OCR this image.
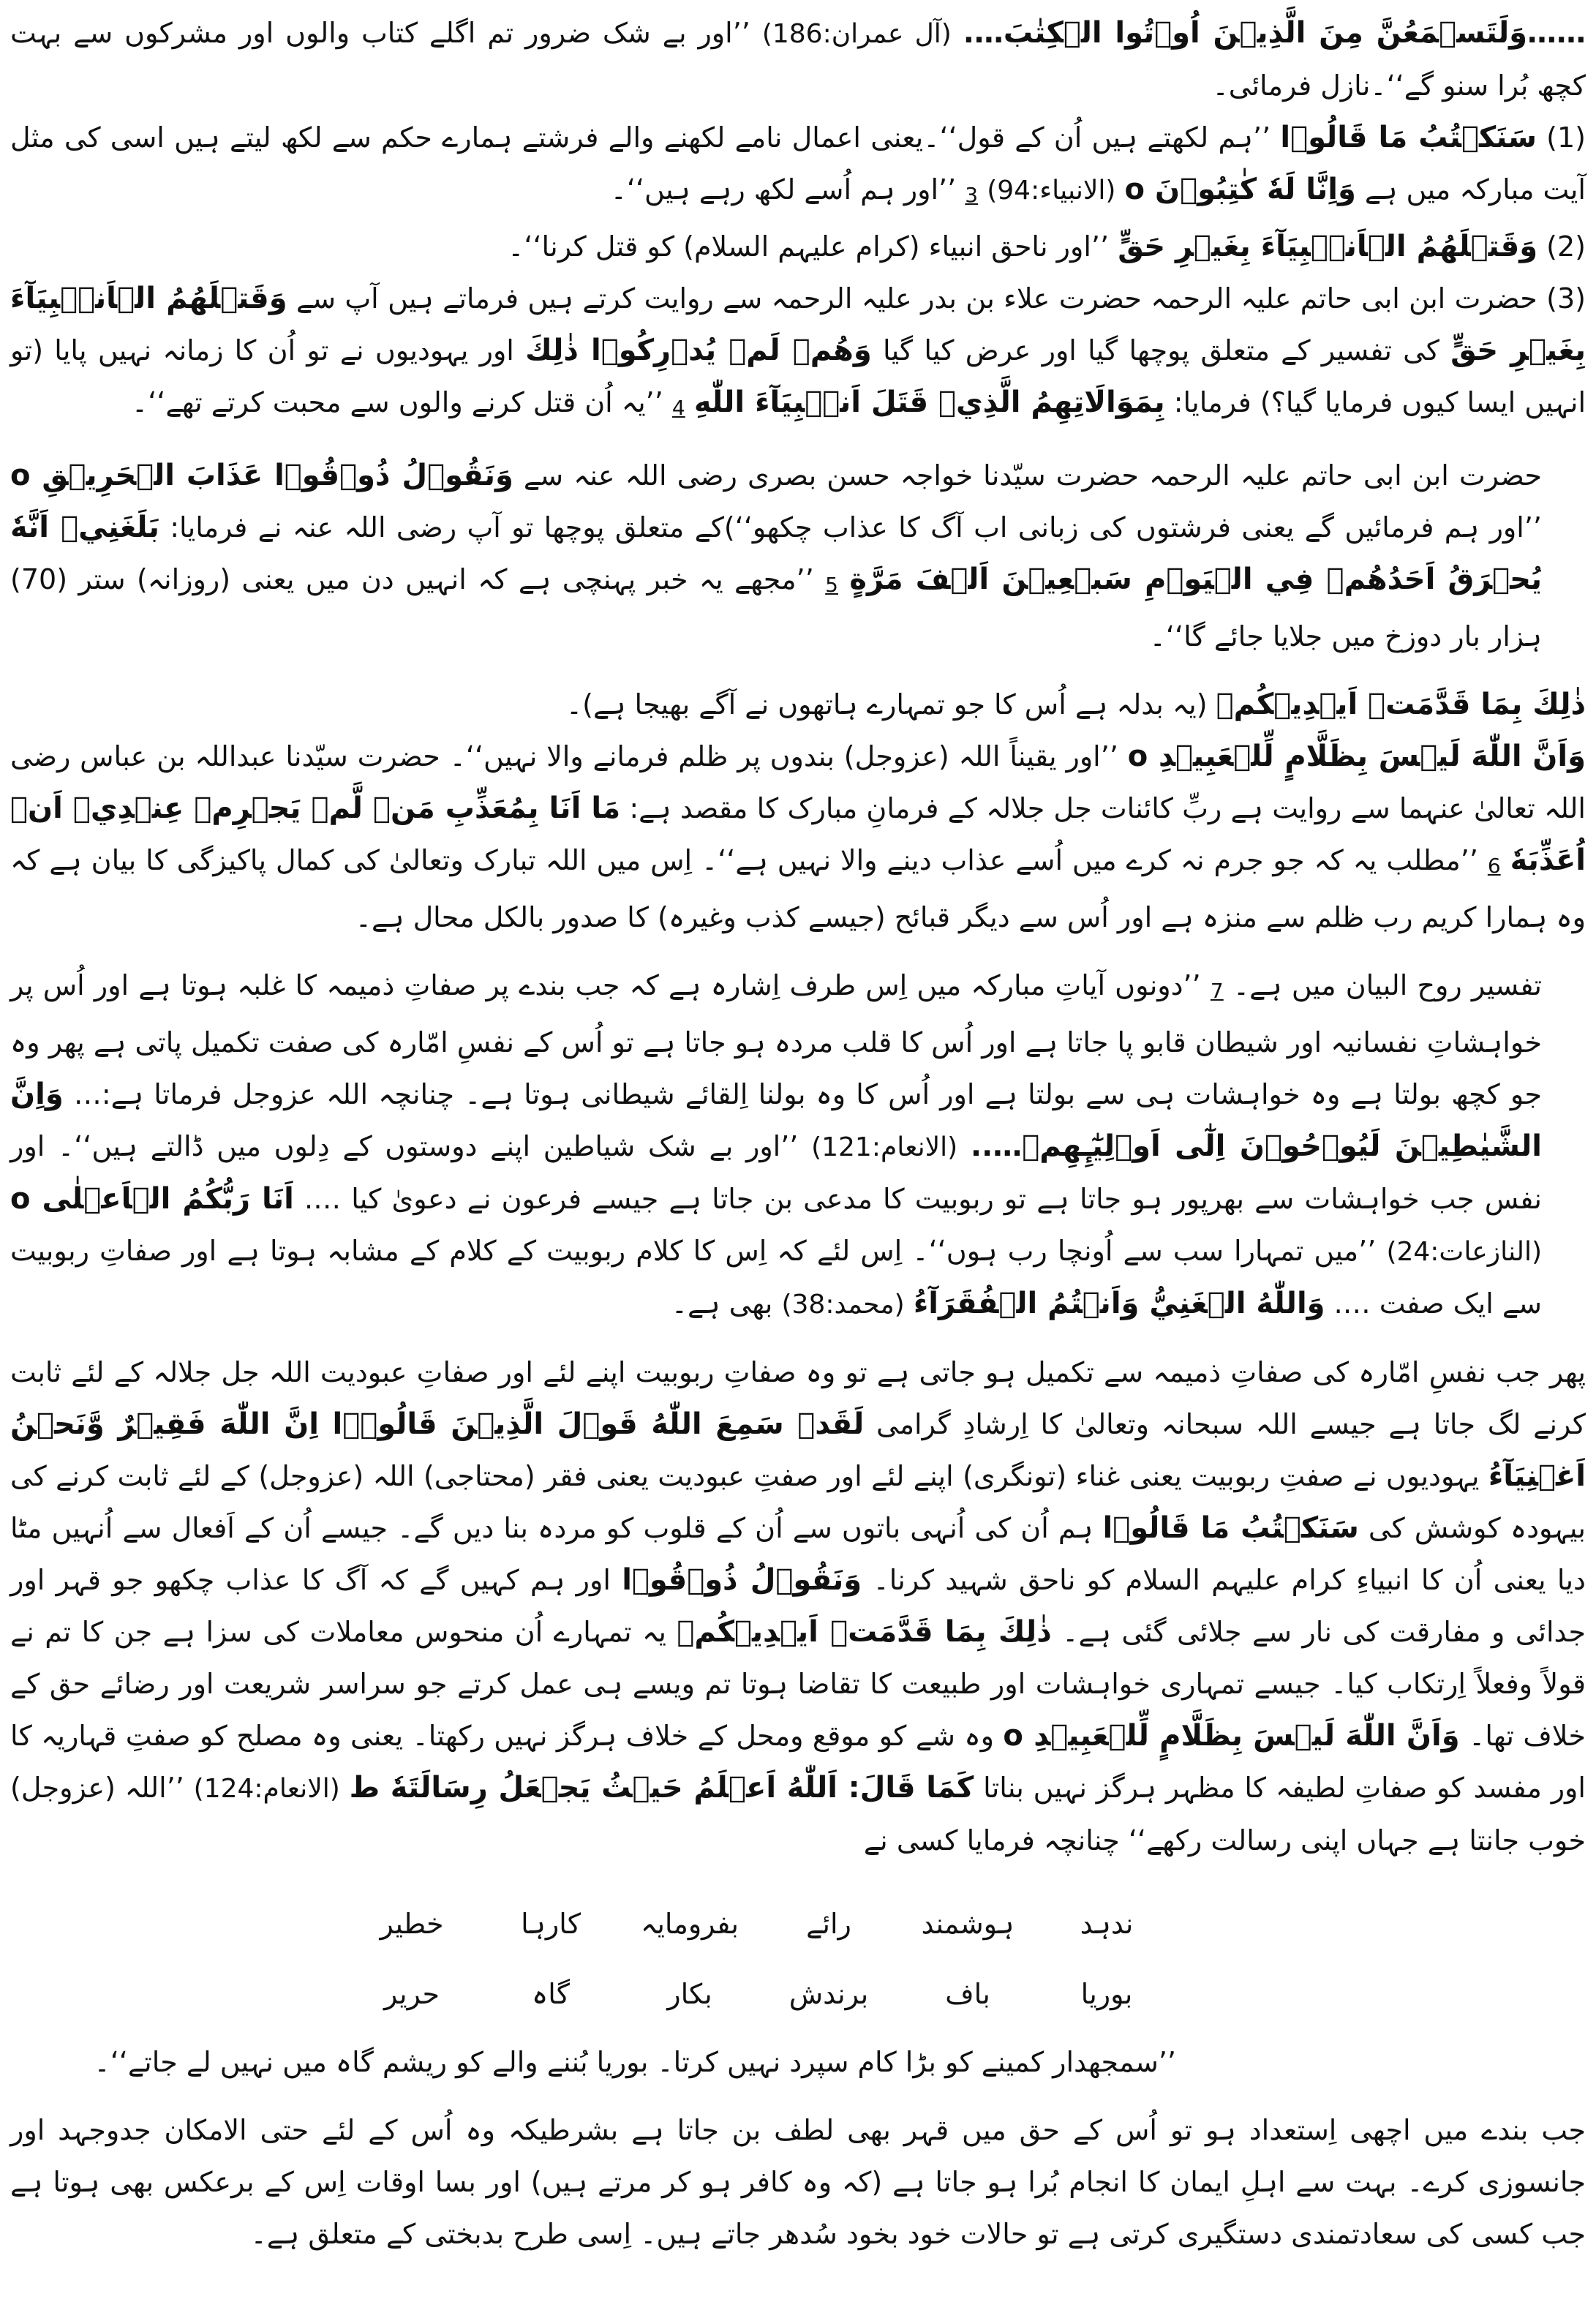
……وَلَتَسۡمَعُنَّ مِنَ الَّذِيۡنَ اُوۡتُوا الۡكِتٰبَ…. (آل عمران:186) ’’اور بے شک ضرور تم اگلے کتاب والوں اور مشرکوں سے بہت کچھ بُرا سنو گے‘‘۔نازل فرمائی۔

(1) سَنَكۡتُبُ مَا قَالُوۡا ’’ہم لکھتے ہیں اُن کے قول‘‘۔یعنی اعمال نامے لکھنے والے فرشتے ہمارے حکم سے لکھ لیتے ہیں اسی کی مثل آیت مبارکہ میں ہے وَاِنَّا لَهٗ كٰتِبُوۡنَ o (الانبیاء:94) 3 ’’اور ہم اُسے لکھ رہے ہیں‘‘۔

(2) وَقَتۡلَهُمُ الۡاَنۡۢبِيَآءَ بِغَيۡرِ حَقٍّ ’’اور ناحق انبیاء (کرام علیہم السلام) کو قتل کرنا‘‘۔

(3) حضرت ابن ابی حاتم علیہ الرحمہ حضرت علاء بن بدر علیہ الرحمہ سے روایت کرتے ہیں فرماتے ہیں آپ سے وَقَتۡلَهُمُ الۡاَنۡۢبِيَآءَ بِغَيۡرِ حَقٍّ کی تفسیر کے متعلق پوچھا گیا اور عرض کیا گیا وَهُمۡ لَمۡ يُدۡرِكُوۡا ذٰلِكَ اور یہودیوں نے تو اُن کا زمانہ نہیں پایا (تو انہیں ایسا کیوں فرمایا گیا؟) فرمایا: بِمَوَالَاتِهِمُ الَّذِيۡ قَتَلَ اَنۡۢبِيَآءَ اللّٰهِ 4 ’’یہ اُن قتل کرنے والوں سے محبت کرتے تھے‘‘۔

حضرت ابن ابی حاتم علیہ الرحمہ حضرت سیّدنا خواجہ حسن بصری رضی اللہ عنہ سے وَنَقُوۡلُ ذُوۡقُوۡا عَذَابَ الۡحَرِيۡقِ o ’’اور ہم فرمائیں گے یعنی فرشتوں کی زبانی اب آگ کا عذاب چکھو‘‘)کے متعلق پوچھا تو آپ رضی اللہ عنہ نے فرمایا: بَلَغَنِيۡ اَنَّهٗ يُحۡرَقُ اَحَدُهُمۡ فِي الۡيَوۡمِ سَبۡعِيۡنَ اَلۡفَ مَرَّةٍ 5 ’’مجھے یہ خبر پہنچی ہے کہ انہیں دن میں یعنی (روزانہ) ستر (70) ہزار بار دوزخ میں جلایا جائے گا‘‘۔

ذٰلِكَ بِمَا قَدَّمَتۡ اَيۡدِيۡكُمۡ (یہ بدلہ ہے اُس کا جو تمہارے ہاتھوں نے آگے بھیجا ہے)۔

وَاَنَّ اللّٰهَ لَيۡسَ بِظَلَّامٍ لِّلۡعَبِيۡدِ o ’’اور یقیناً اللہ (عزوجل) بندوں پر ظلم فرمانے والا نہیں‘‘۔ حضرت سیّدنا عبداللہ بن عباس رضی اللہ تعالیٰ عنہما سے روایت ہے ربِّ کائنات جل جلالہ کے فرمانِ مبارک کا مقصد ہے: مَا اَنَا بِمُعَذِّبِ مَنۡ لَّمۡ يَجۡرِمۡ عِنۡدِيۡ اَنۡ اُعَذِّبَهٗ 6 ’’مطلب یہ کہ جو جرم نہ کرے میں اُسے عذاب دینے والا نہیں ہے‘‘۔ اِس میں اللہ تبارک وتعالیٰ کی کمال پاکیزگی کا بیان ہے کہ وہ ہمارا کریم رب ظلم سے منزہ ہے اور اُس سے دیگر قبائح (جیسے کذب وغیرہ) کا صدور بالکل محال ہے۔

تفسیر روح البیان میں ہے۔ 7 ’’دونوں آیاتِ مبارکہ میں اِس طرف اِشارہ ہے کہ جب بندے پر صفاتِ ذمیمہ کا غلبہ ہوتا ہے اور اُس پر خواہشاتِ نفسانیہ اور شیطان قابو پا جاتا ہے اور اُس کا قلب مردہ ہو جاتا ہے تو اُس کے نفسِ امّارہ کی صفت تکمیل پاتی ہے پھر وہ جو کچھ بولتا ہے وہ خواہشات ہی سے بولتا ہے اور اُس کا وہ بولنا اِلقائے شیطانی ہوتا ہے۔ چنانچہ اللہ عزوجل فرماتا ہے:… وَاِنَّ الشَّيٰطِيۡنَ لَيُوۡحُوۡنَ اِلٰٓى اَوۡلِيٰٓـِٕهِمۡ….. (الانعام:121) ’’اور بے شک شیاطین اپنے دوستوں کے دِلوں میں ڈالتے ہیں‘‘۔ اور نفس جب خواہشات سے بھرپور ہو جاتا ہے تو ربوبیت کا مدعی بن جاتا ہے جیسے فرعون نے دعویٰ کیا …. اَنَا رَبُّكُمُ الۡاَعۡلٰى o (النازعات:24) ’’میں تمہارا سب سے اُونچا رب ہوں‘‘۔ اِس لئے کہ اِس کا کلام ربوبیت کے کلام کے مشابہ ہوتا ہے اور صفاتِ ربوبیت سے ایک صفت …. وَاللّٰهُ الۡغَنِيُّ وَاَنۡتُمُ الۡفُقَرَآءُ (محمد:38) بھی ہے۔

پھر جب نفسِ امّارہ کی صفاتِ ذمیمہ سے تکمیل ہو جاتی ہے تو وہ صفاتِ ربوبیت اپنے لئے اور صفاتِ عبودیت اللہ جل جلالہ کے لئے ثابت کرنے لگ جاتا ہے جیسے اللہ سبحانہ وتعالیٰ کا اِرشادِ گرامی لَقَدۡ سَمِعَ اللّٰهُ قَوۡلَ الَّذِيۡنَ قَالُوۡۤا اِنَّ اللّٰهَ فَقِيۡرٌ وَّنَحۡنُ اَغۡنِيَآءُ یہودیوں نے صفتِ ربوبیت یعنی غناء (تونگری) اپنے لئے اور صفتِ عبودیت یعنی فقر (محتاجی) اللہ (عزوجل) کے لئے ثابت کرنے کی بیہودہ کوشش کی سَنَكۡتُبُ مَا قَالُوۡا ہم اُن کی اُنہی باتوں سے اُن کے قلوب کو مردہ بنا دیں گے۔ جیسے اُن کے اَفعال سے اُنہیں مٹا دیا یعنی اُن کا انبیاءِ کرام علیہم السلام کو ناحق شہید کرنا۔ وَنَقُوۡلُ ذُوۡقُوۡا اور ہم کہیں گے کہ آگ کا عذاب چکھو جو قہر اور جدائی و مفارقت کی نار سے جلائی گئی ہے۔ ذٰلِكَ بِمَا قَدَّمَتۡ اَيۡدِيۡكُمۡ یہ تمہارے اُن منحوس معاملات کی سزا ہے جن کا تم نے قولاً وفعلاً اِرتکاب کیا۔ جیسے تمہاری خواہشات اور طبیعت کا تقاضا ہوتا تم ویسے ہی عمل کرتے جو سراسر شریعت اور رضائے حق کے خلاف تھا۔ وَاَنَّ اللّٰهَ لَيۡسَ بِظَلَّامٍ لِّلۡعَبِيۡدِ o وہ شے کو موقع ومحل کے خلاف ہرگز نہیں رکھتا۔ یعنی وہ مصلح کو صفتِ قہاریہ کا اور مفسد کو صفاتِ لطیفہ کا مظہر ہرگز نہیں بناتا كَمَا قَالَ: اَللّٰهُ اَعۡلَمُ حَيۡثُ يَجۡعَلُ رِسَالَتَهٗ ط (الانعام:124) ’’اللہ (عزوجل) خوب جانتا ہے جہاں اپنی رسالت رکھے‘‘ چنانچہ فرمایا کسی نے

ندہد
ہوشمند
رائے
بفرومایہ
کارہا
خطیر
بوریا
باف
برندش
بکار
گاہ
حریر

’’سمجھدار کمینے کو بڑا کام سپرد نہیں کرتا۔ بوریا بُننے والے کو ریشم گاہ میں نہیں لے جاتے‘‘۔

جب بندے میں اچھی اِستعداد ہو تو اُس کے حق میں قہر بھی لطف بن جاتا ہے بشرطیکہ وہ اُس کے لئے حتی الامکان جدوجہد اور جانسوزی کرے۔ بہت سے اہلِ ایمان کا انجام بُرا ہو جاتا ہے (کہ وہ کافر ہو کر مرتے ہیں) اور بسا اوقات اِس کے برعکس بھی ہوتا ہے جب کسی کی سعادتمندی دستگیری کرتی ہے تو حالات خود بخود سُدھر جاتے ہیں۔ اِسی طرح بدبختی کے متعلق ہے۔
